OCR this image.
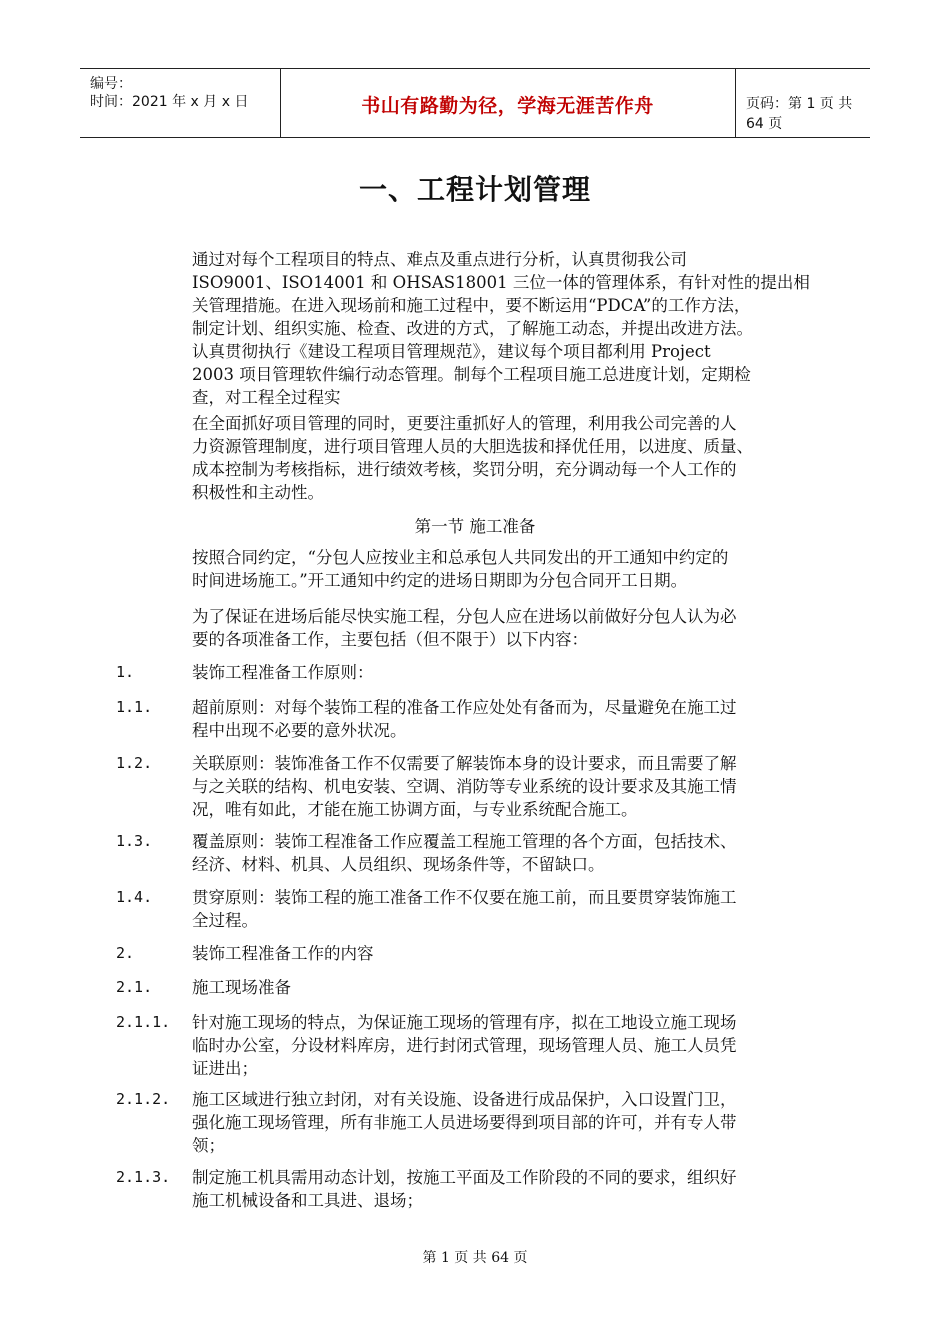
编号：
时间：2021 年 x 月 x 日	书山有路勤为径，学海无涯苦作舟	页码：第 1 页 共 64 页
一、工程计划管理
通过对每个工程项目的特点、难点及重点进行分析，认真贯彻我公司
ISO9001、ISO14001 和 OHSAS18001 三位一体的管理体系，有针对性的提出相
关管理措施。在进入现场前和施工过程中，要不断运用“PDCA”的工作方法，
制定计划、组织实施、检查、改进的方式，了解施工动态，并提出改进方法。
认真贯彻执行《建设工程项目管理规范》，建议每个项目都利用 Project
2003 项目管理软件编行动态管理。制每个工程项目施工总进度计划，定期检
查，对工程全过程实
在全面抓好项目管理的同时，更要注重抓好人的管理，利用我公司完善的人
力资源管理制度，进行项目管理人员的大胆选拔和择优任用，以进度、质量、
成本控制为考核指标，进行绩效考核，奖罚分明，充分调动每一个人工作的
积极性和主动性。
第一节 施工准备
按照合同约定，“分包人应按业主和总承包人共同发出的开工通知中约定的
时间进场施工。”开工通知中约定的进场日期即为分包合同开工日期。
为了保证在进场后能尽快实施工程，分包人应在进场以前做好分包人认为必
要的各项准备工作，主要包括（但不限于）以下内容：
1.	装饰工程准备工作原则：
1.1. 超前原则：对每个装饰工程的准备工作应处处有备而为，尽量避免在施工过
程中出现不必要的意外状况。
1.2. 关联原则：装饰准备工作不仅需要了解装饰本身的设计要求，而且需要了解
与之关联的结构、机电安装、空调、消防等专业系统的设计要求及其施工情
况，唯有如此，才能在施工协调方面，与专业系统配合施工。
1.3. 覆盖原则：装饰工程准备工作应覆盖工程施工管理的各个方面，包括技术、
经济、材料、机具、人员组织、现场条件等，不留缺口。
1.4. 贯穿原则：装饰工程的施工准备工作不仅要在施工前，而且要贯穿装饰施工
全过程。
2.	装饰工程准备工作的内容
2.1. 施工现场准备
2.1.1. 针对施工现场的特点，为保证施工现场的管理有序，拟在工地设立施工现场
临时办公室，分设材料库房，进行封闭式管理，现场管理人员、施工人员凭
证进出；
2.1.2. 施工区域进行独立封闭，对有关设施、设备进行成品保护，入口设置门卫，
强化施工现场管理，所有非施工人员进场要得到项目部的许可，并有专人带
领；
2.1.3. 制定施工机具需用动态计划，按施工平面及工作阶段的不同的要求，组织好
施工机械设备和工具进、退场；
第 1 页 共 64 页
